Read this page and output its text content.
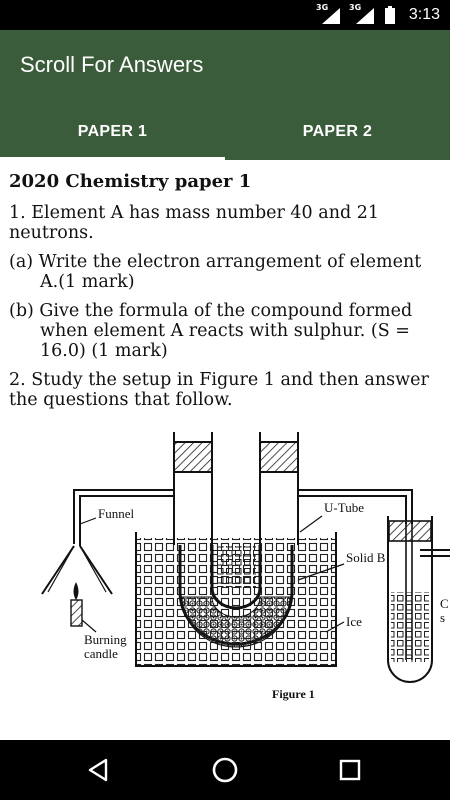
3G	3G	3:13
Scroll For Answers
PAPER 1	PAPER 2
2020 Chemistry paper 1

1. Element A has mass number 40 and 21 neutrons.

(a) Write the electron arrangement of element A.(1 mark)

(b) Give the formula of the compound formed when element A reacts with sulphur. (S = 16.0) (1 mark)

2. Study the setup in Figure 1 and then answer the questions that follow.

Funnel	U-Tube
Solid B
Ice
Burning
candle
C
s
Figure 1
